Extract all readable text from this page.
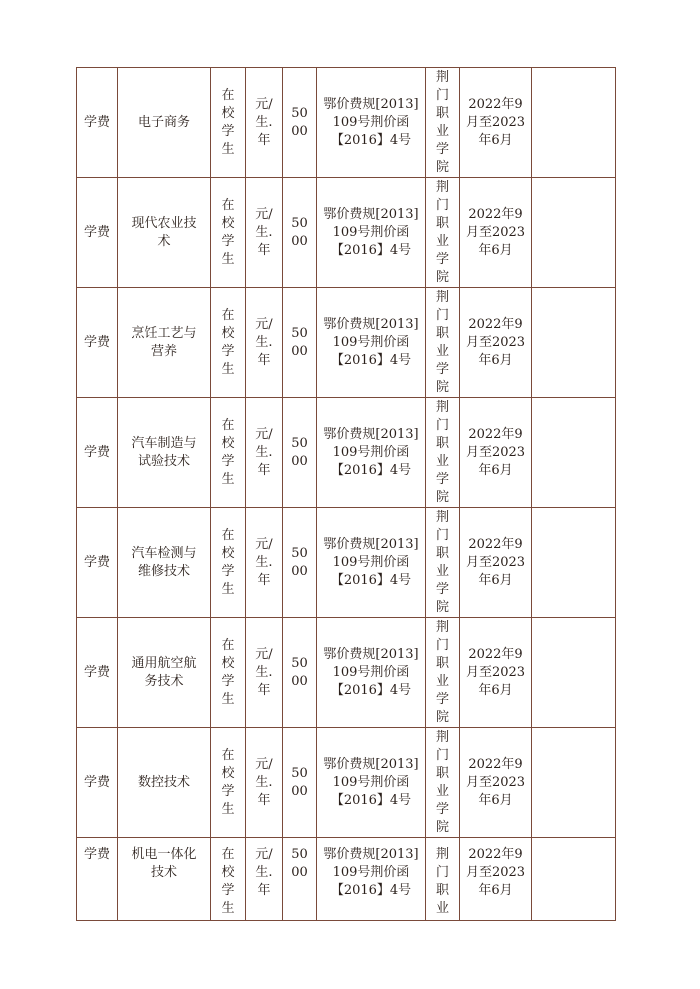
学费	电子商务	在校学生	元/生.年	5000	鄂价费规[2013]109号荆价函【2016】4号	荆门职业学院	2022年9月至2023年6月	
学费	现代农业技术	在校学生	元/生.年	5000	鄂价费规[2013]109号荆价函【2016】4号	荆门职业学院	2022年9月至2023年6月	
学费	烹饪工艺与营养	在校学生	元/生.年	5000	鄂价费规[2013]109号荆价函【2016】4号	荆门职业学院	2022年9月至2023年6月	
学费	汽车制造与试验技术	在校学生	元/生.年	5000	鄂价费规[2013]109号荆价函【2016】4号	荆门职业学院	2022年9月至2023年6月	
学费	汽车检测与维修技术	在校学生	元/生.年	5000	鄂价费规[2013]109号荆价函【2016】4号	荆门职业学院	2022年9月至2023年6月	
学费	通用航空航务技术	在校学生	元/生.年	5000	鄂价费规[2013]109号荆价函【2016】4号	荆门职业学院	2022年9月至2023年6月	
学费	数控技术	在校学生	元/生.年	5000	鄂价费规[2013]109号荆价函【2016】4号	荆门职业学院	2022年9月至2023年6月	
学费	机电一体化技术	在校学生	元/生.年	5000	鄂价费规[2013]109号荆价函【2016】4号	荆门职业	2022年9月至2023年6月	
